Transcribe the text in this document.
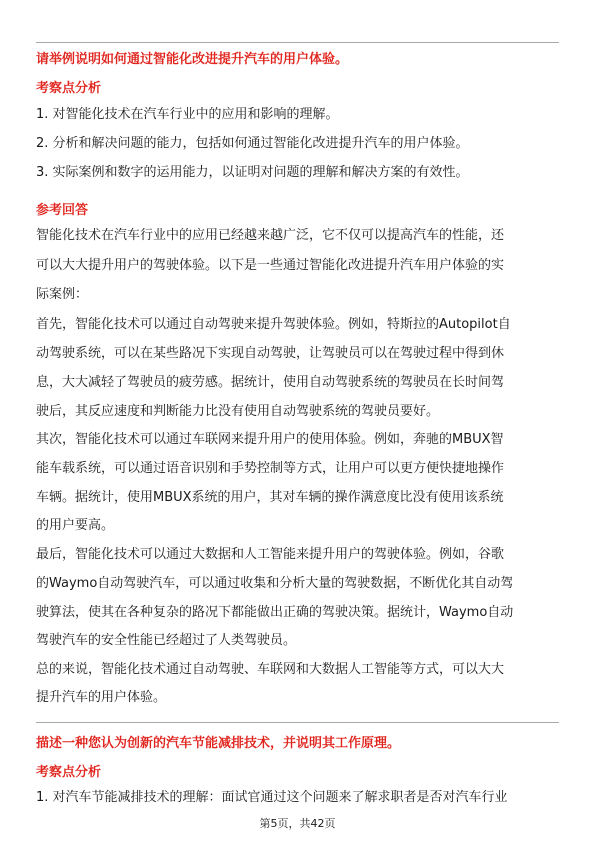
请举例说明如何通过智能化改进提升汽车的用户体验。
考察点分析
1. 对智能化技术在汽车行业中的应用和影响的理解。
2. 分析和解决问题的能力，包括如何通过智能化改进提升汽车的用户体验。
3. 实际案例和数字的运用能力，以证明对问题的理解和解决方案的有效性。
参考回答
智能化技术在汽车行业中的应用已经越来越广泛，它不仅可以提高汽车的性能，还
可以大大提升用户的驾驶体验。以下是一些通过智能化改进提升汽车用户体验的实
际案例：
首先，智能化技术可以通过自动驾驶来提升驾驶体验。例如，特斯拉的Autopilot自
动驾驶系统，可以在某些路况下实现自动驾驶，让驾驶员可以在驾驶过程中得到休
息，大大减轻了驾驶员的疲劳感。据统计，使用自动驾驶系统的驾驶员在长时间驾
驶后，其反应速度和判断能力比没有使用自动驾驶系统的驾驶员要好。
其次，智能化技术可以通过车联网来提升用户的使用体验。例如，奔驰的MBUX智
能车载系统，可以通过语音识别和手势控制等方式，让用户可以更方便快捷地操作
车辆。据统计，使用MBUX系统的用户，其对车辆的操作满意度比没有使用该系统
的用户要高。
最后，智能化技术可以通过大数据和人工智能来提升用户的驾驶体验。例如，谷歌
的Waymo自动驾驶汽车，可以通过收集和分析大量的驾驶数据，不断优化其自动驾
驶算法，使其在各种复杂的路况下都能做出正确的驾驶决策。据统计，Waymo自动
驾驶汽车的安全性能已经超过了人类驾驶员。
总的来说，智能化技术通过自动驾驶、车联网和大数据人工智能等方式，可以大大
提升汽车的用户体验。
描述一种您认为创新的汽车节能减排技术，并说明其工作原理。
考察点分析
1. 对汽车节能减排技术的理解：面试官通过这个问题来了解求职者是否对汽车行业
第5页，共42页
